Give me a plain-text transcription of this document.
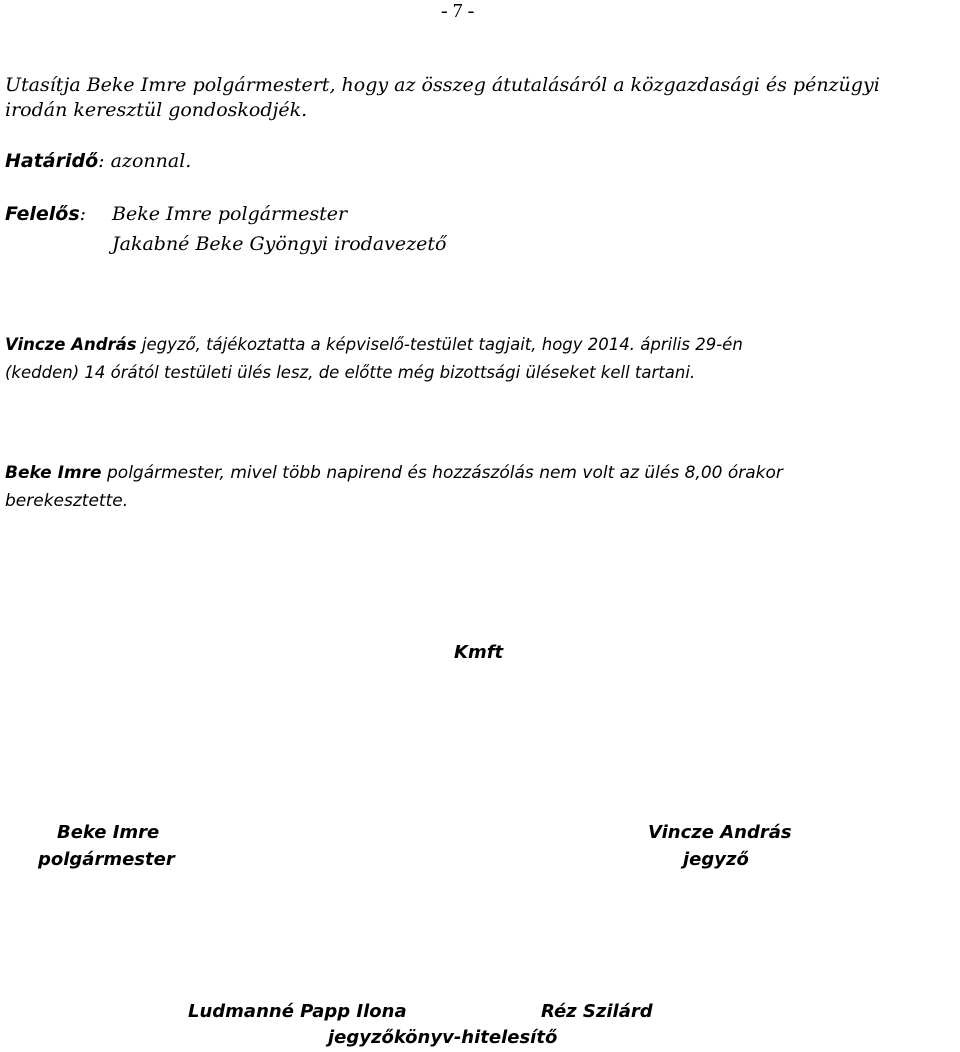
- 7 -
Utasítja Beke Imre polgármestert, hogy az összeg átutalásáról a közgazdasági és pénzügyi
irodán keresztül gondoskodjék.
Határidő: azonnal.
Felelős: Beke Imre polgármester
Jakabné Beke Gyöngyi irodavezető
Vincze András jegyző, tájékoztatta a képviselő-testület tagjait, hogy 2014. április 29-én
(kedden) 14 órától testületi ülés lesz, de előtte még bizottsági üléseket kell tartani.
Beke Imre polgármester, mivel több napirend és hozzászólás nem volt az ülés 8,00 órakor
berekesztette.
Kmft
Beke Imre
polgármester
Vincze András
jegyző
Ludmanné Papp Ilona	Réz Szilárd
jegyzőkönyv-hitelesítő
